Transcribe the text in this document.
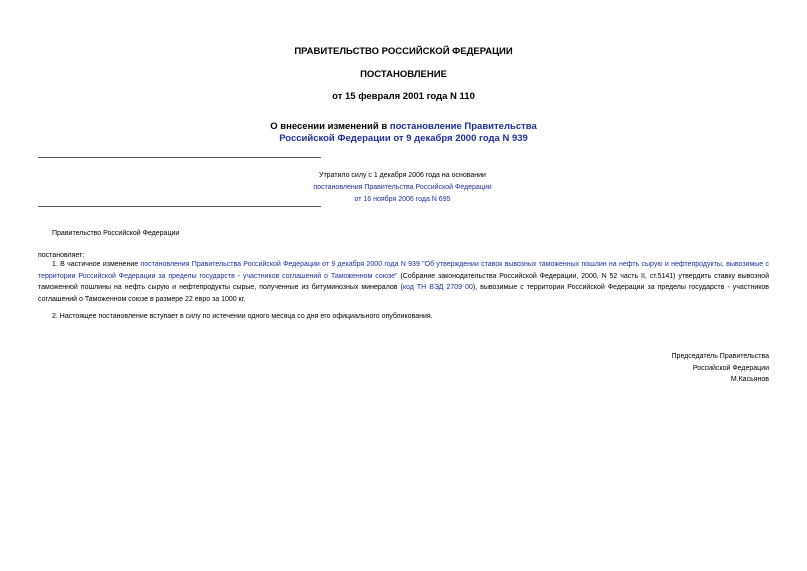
ПРАВИТЕЛЬСТВО РОССИЙСКОЙ ФЕДЕРАЦИИ
ПОСТАНОВЛЕНИЕ
от 15 февраля 2001 года N 110
О внесении изменений в постановление Правительства
Российской Федерации от 9 декабря 2000 года N 939
Утратило силу с 1 декабря 2006 года на основании
постановления Правительства Российской Федерации
от 16 ноября 2006 года N 695
Правительство Российской Федерации
постановляет:
1. В частичное изменение постановления Правительства Российской Федерации от 9 декабря 2000 года N 939 "Об утверждении ставок вывозных таможенных пошлин на нефть сырую и нефтепродукты, вывозимые с территории Российской Федерации за пределы государств - участников соглашений о Таможенном союзе" (Собрание законодательства Российской Федерации, 2000, N 52 часть II, ст.5141) утвердить ставку вывозной таможенной пошлины на нефть сырую и нефтепродукты сырые, полученные из битуминозных минералов (код ТН ВЭД 2709 00), вывозимые с территории Российской Федерации за пределы государств - участников соглашений о Таможенном союзе в размере 22 евро за 1000 кг.
2. Настоящее постановление вступает в силу по истечении одного месяца со дня его официального опубликования.
Председатель Правительства
Российской Федерации
М.Касьянов
